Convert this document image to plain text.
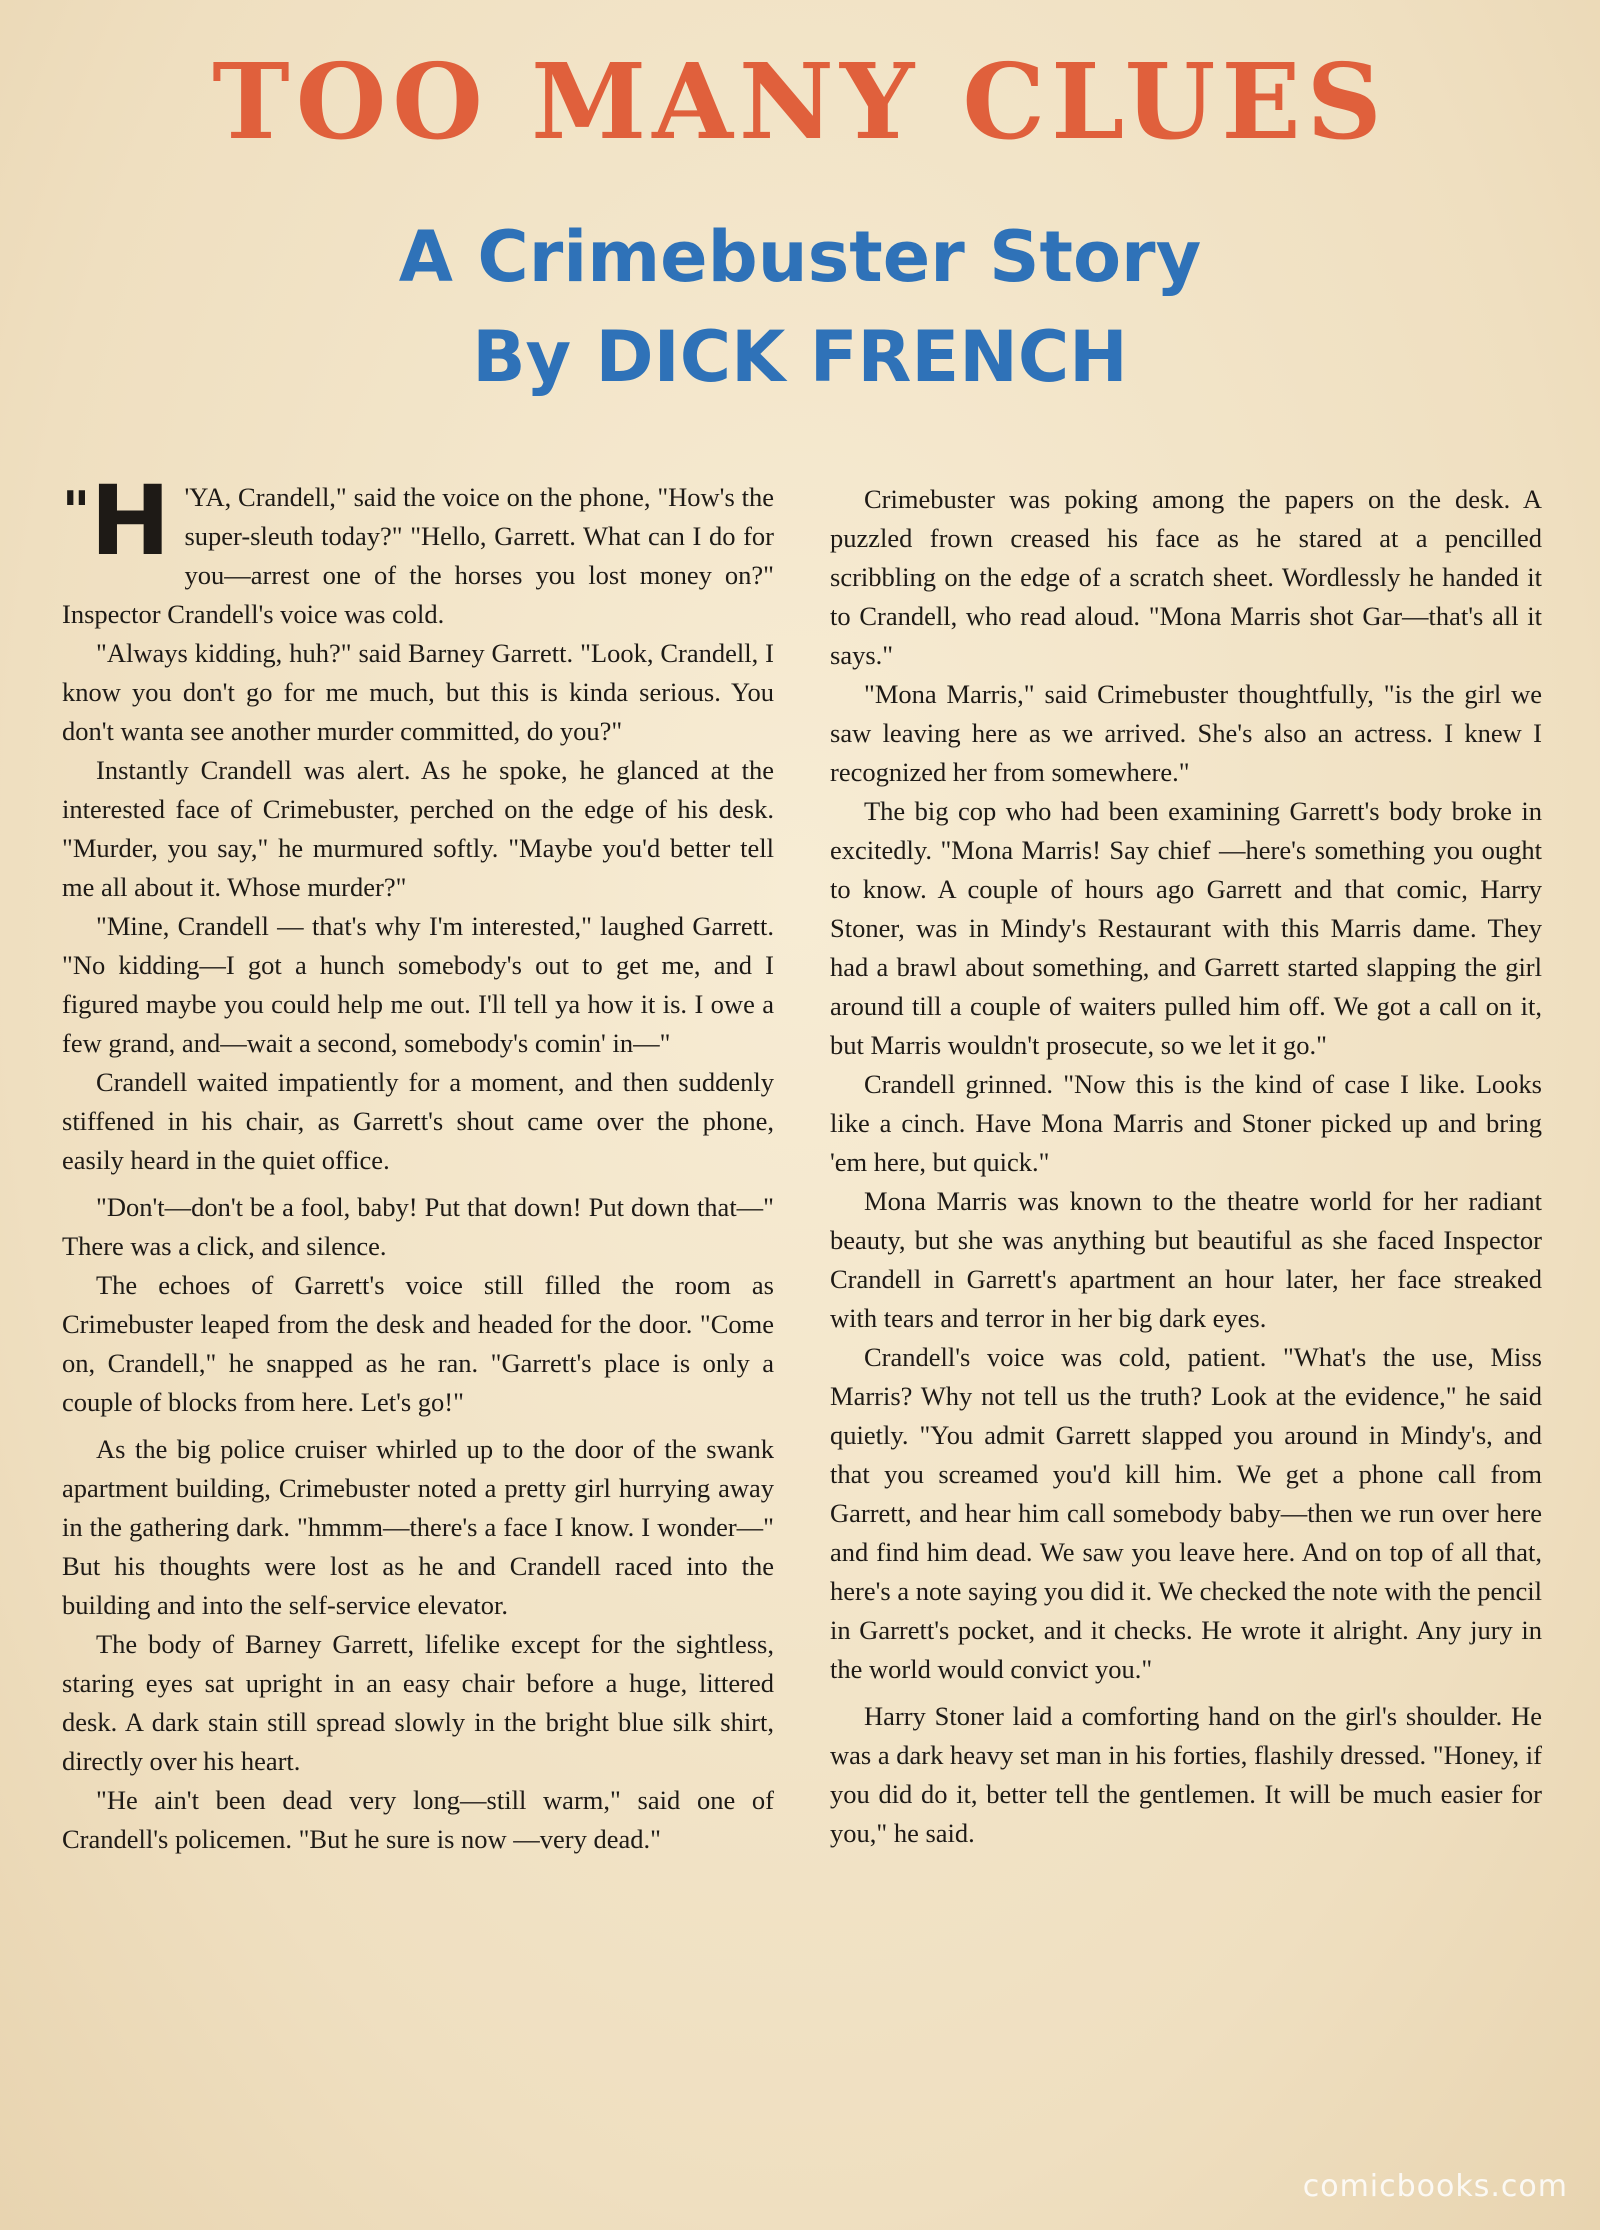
TOO MANY CLUES
A Crimebuster Story
By DICK FRENCH

"H 'YA, Crandell," said the voice on the phone, "How's the super-sleuth today?" "Hello, Garrett. What can I do for you—arrest one of the horses you lost money on?" Inspector Crandell's voice was cold.

"Always kidding, huh?" said Barney Garrett. "Look, Crandell, I know you don't go for me much, but this is kinda serious. You don't wanta see another murder committed, do you?"

Instantly Crandell was alert. As he spoke, he glanced at the interested face of Crimebuster, perched on the edge of his desk. "Murder, you say," he murmured softly. "Maybe you'd better tell me all about it. Whose murder?"

"Mine, Crandell — that's why I'm interested," laughed Garrett. "No kidding—I got a hunch somebody's out to get me, and I figured maybe you could help me out. I'll tell ya how it is. I owe a few grand, and—wait a second, somebody's comin' in—"

Crandell waited impatiently for a moment, and then suddenly stiffened in his chair, as Garrett's shout came over the phone, easily heard in the quiet office.

"Don't—don't be a fool, baby! Put that down! Put down that—" There was a click, and silence.

The echoes of Garrett's voice still filled the room as Crimebuster leaped from the desk and headed for the door. "Come on, Crandell," he snapped as he ran. "Garrett's place is only a couple of blocks from here. Let's go!"

As the big police cruiser whirled up to the door of the swank apartment building, Crimebuster noted a pretty girl hurrying away in the gathering dark. "hmmm—there's a face I know. I wonder—" But his thoughts were lost as he and Crandell raced into the building and into the self-service elevator.

The body of Barney Garrett, lifelike except for the sightless, staring eyes sat upright in an easy chair before a huge, littered desk. A dark stain still spread slowly in the bright blue silk shirt, directly over his heart.

"He ain't been dead very long—still warm," said one of Crandell's policemen. "But he sure is now —very dead."

Crimebuster was poking among the papers on the desk. A puzzled frown creased his face as he stared at a pencilled scribbling on the edge of a scratch sheet. Wordlessly he handed it to Crandell, who read aloud. "Mona Marris shot Gar—that's all it says."

"Mona Marris," said Crimebuster thoughtfully, "is the girl we saw leaving here as we arrived. She's also an actress. I knew I recognized her from somewhere."

The big cop who had been examining Garrett's body broke in excitedly. "Mona Marris! Say chief —here's something you ought to know. A couple of hours ago Garrett and that comic, Harry Stoner, was in Mindy's Restaurant with this Marris dame. They had a brawl about something, and Garrett started slapping the girl around till a couple of waiters pulled him off. We got a call on it, but Marris wouldn't prosecute, so we let it go."

Crandell grinned. "Now this is the kind of case I like. Looks like a cinch. Have Mona Marris and Stoner picked up and bring 'em here, but quick."

Mona Marris was known to the theatre world for her radiant beauty, but she was anything but beautiful as she faced Inspector Crandell in Garrett's apartment an hour later, her face streaked with tears and terror in her big dark eyes.

Crandell's voice was cold, patient. "What's the use, Miss Marris? Why not tell us the truth? Look at the evidence," he said quietly. "You admit Garrett slapped you around in Mindy's, and that you screamed you'd kill him. We get a phone call from Garrett, and hear him call somebody baby—then we run over here and find him dead. We saw you leave here. And on top of all that, here's a note saying you did it. We checked the note with the pencil in Garrett's pocket, and it checks. He wrote it alright. Any jury in the world would convict you."

Harry Stoner laid a comforting hand on the girl's shoulder. He was a dark heavy set man in his forties, flashily dressed. "Honey, if you did do it, better tell the gentlemen. It will be much easier for you," he said.

comicbooks.com
